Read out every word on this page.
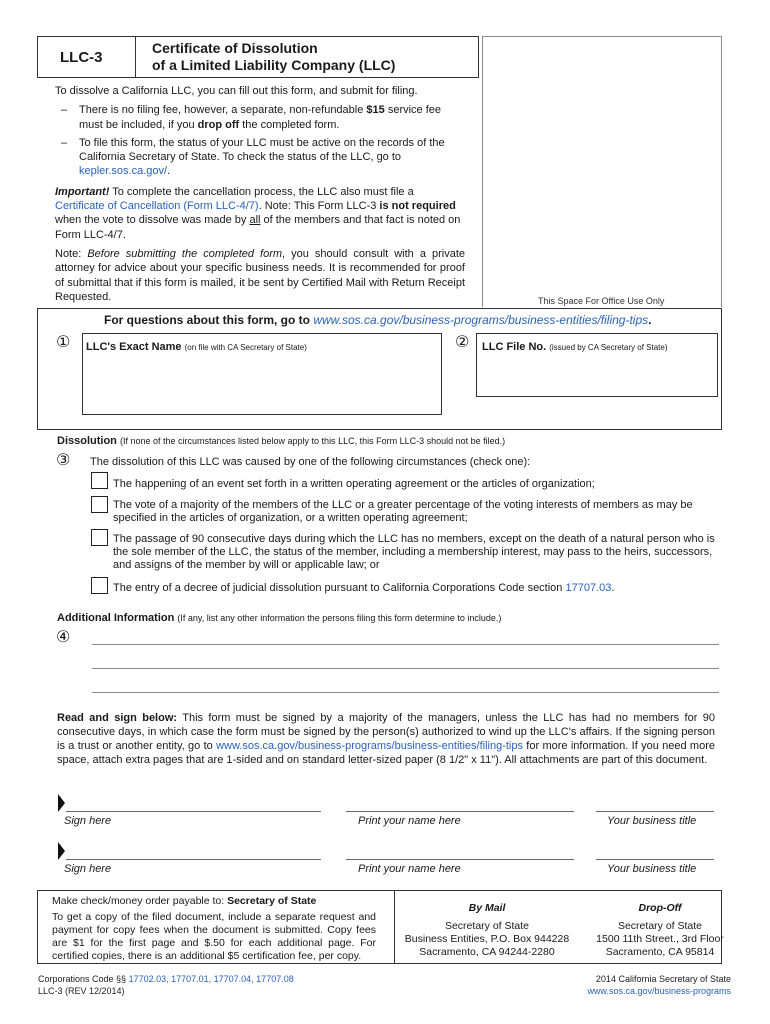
LLC-3
Certificate of Dissolution
of a Limited Liability Company (LLC)

To dissolve a California LLC, you can fill out this form, and submit for filing.

–	There is no filing fee, however, a separate, non-refundable $15 service fee must be included, if you drop off the completed form.
–	To file this form, the status of your LLC must be active on the records of the California Secretary of State. To check the status of the LLC, go to kepler.sos.ca.gov/.

Important! To complete the cancellation process, the LLC also must file a Certificate of Cancellation (Form LLC-4/7). Note: This Form LLC-3 is not required when the vote to dissolve was made by all of the members and that fact is noted on Form LLC-4/7.

Note: Before submitting the completed form, you should consult with a private attorney for advice about your specific business needs. It is recommended for proof of submittal that if this form is mailed, it be sent by Certified Mail with Return Receipt Requested.	This Space For Office Use Only
For questions about this form, go to www.sos.ca.gov/business-programs/business-entities/filing-tips.
① LLC's Exact Name (on file with CA Secretary of State)	② LLC File No. (issued by CA Secretary of State)
Dissolution (If none of the circumstances listed below apply to this LLC, this Form LLC-3 should not be filed.)
③ The dissolution of this LLC was caused by one of the following circumstances (check one):
The happening of an event set forth in a written operating agreement or the articles of organization;
The vote of a majority of the members of the LLC or a greater percentage of the voting interests of members as may be specified in the articles of organization, or a written operating agreement;
The passage of 90 consecutive days during which the LLC has no members, except on the death of a natural person who is the sole member of the LLC, the status of the member, including a membership interest, may pass to the heirs, successors, and assigns of the member by will or applicable law; or
The entry of a decree of judicial dissolution pursuant to California Corporations Code section 17707.03.
Additional Information (If any, list any other information the persons filing this form determine to include.)
④
Read and sign below: This form must be signed by a majority of the managers, unless the LLC has had no members for 90 consecutive days, in which case the form must be signed by the person(s) authorized to wind up the LLC's affairs. If the signing person is a trust or another entity, go to www.sos.ca.gov/business-programs/business-entities/filing-tips for more information. If you need more space, attach extra pages that are 1-sided and on standard letter-sized paper (8 1/2" x 11"). All attachments are part of this document.
Sign here	Print your name here	Your business title
Sign here	Print your name here	Your business title
Make check/money order payable to: Secretary of State
To get a copy of the filed document, include a separate request and payment for copy fees when the document is submitted. Copy fees are $1 for the first page and $.50 for each additional page. For certified copies, there is an additional $5 certification fee, per copy.
By Mail
Secretary of State
Business Entities, P.O. Box 944228
Sacramento, CA 94244-2280
Drop-Off
Secretary of State
1500 11th Street., 3rd Floor
Sacramento, CA 95814
Corporations Code §§ 17702.03, 17707.01, 17707.04, 17707.08
LLC-3 (REV 12/2014)
2014 California Secretary of State
www.sos.ca.gov/business-programs
